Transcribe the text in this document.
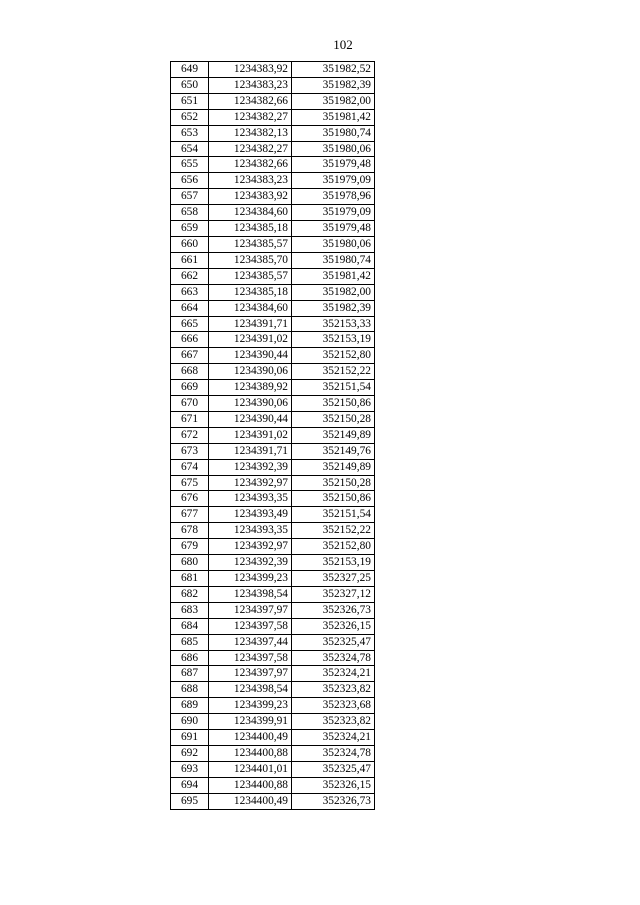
102
649	1234383,92	351982,52
650	1234383,23	351982,39
651	1234382,66	351982,00
652	1234382,27	351981,42
653	1234382,13	351980,74
654	1234382,27	351980,06
655	1234382,66	351979,48
656	1234383,23	351979,09
657	1234383,92	351978,96
658	1234384,60	351979,09
659	1234385,18	351979,48
660	1234385,57	351980,06
661	1234385,70	351980,74
662	1234385,57	351981,42
663	1234385,18	351982,00
664	1234384,60	351982,39
665	1234391,71	352153,33
666	1234391,02	352153,19
667	1234390,44	352152,80
668	1234390,06	352152,22
669	1234389,92	352151,54
670	1234390,06	352150,86
671	1234390,44	352150,28
672	1234391,02	352149,89
673	1234391,71	352149,76
674	1234392,39	352149,89
675	1234392,97	352150,28
676	1234393,35	352150,86
677	1234393,49	352151,54
678	1234393,35	352152,22
679	1234392,97	352152,80
680	1234392,39	352153,19
681	1234399,23	352327,25
682	1234398,54	352327,12
683	1234397,97	352326,73
684	1234397,58	352326,15
685	1234397,44	352325,47
686	1234397,58	352324,78
687	1234397,97	352324,21
688	1234398,54	352323,82
689	1234399,23	352323,68
690	1234399,91	352323,82
691	1234400,49	352324,21
692	1234400,88	352324,78
693	1234401,01	352325,47
694	1234400,88	352326,15
695	1234400,49	352326,73
